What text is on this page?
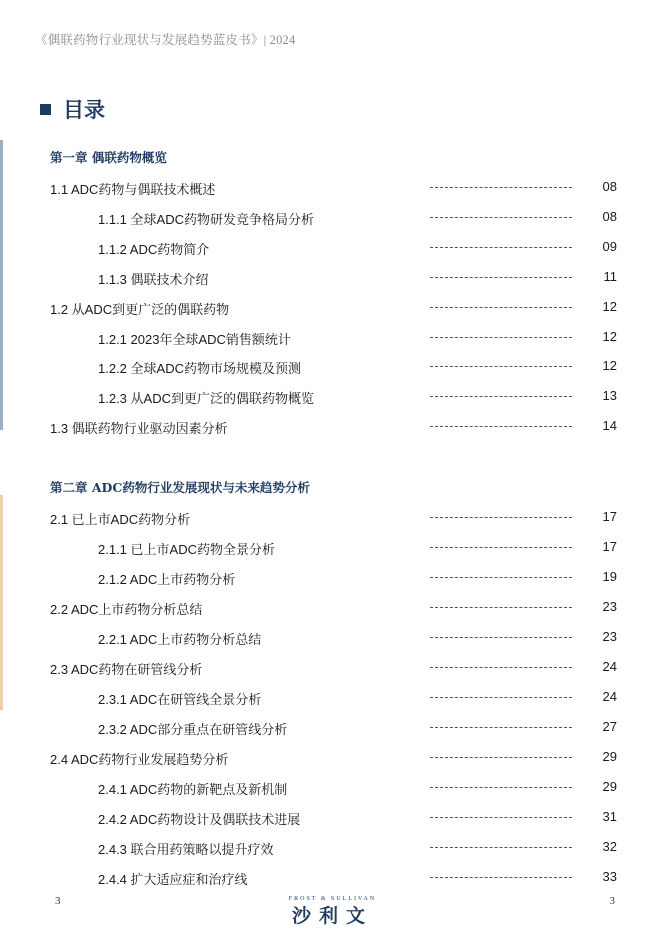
《偶联药物行业现状与发展趋势蓝皮书》| 2024
目录
第一章 偶联药物概览
1.1 ADC药物与偶联技术概述	08
1.1.1 全球ADC药物研发竞争格局分析	08
1.1.2 ADC药物简介	09
1.1.3 偶联技术介绍	11
1.2 从ADC到更广泛的偶联药物	12
1.2.1 2023年全球ADC销售额统计	12
1.2.2 全球ADC药物市场规模及预测	12
1.2.3 从ADC到更广泛的偶联药物概览	13
1.3 偶联药物行业驱动因素分析	14
第二章 ADC药物行业发展现状与未来趋势分析
2.1 已上市ADC药物分析	17
2.1.1 已上市ADC药物全景分析	17
2.1.2 ADC上市药物分析	19
2.2 ADC上市药物分析总结	23
2.2.1 ADC上市药物分析总结	23
2.3 ADC药物在研管线分析	24
2.3.1 ADC在研管线全景分析	24
2.3.2 ADC部分重点在研管线分析	27
2.4 ADC药物行业发展趋势分析	29
2.4.1 ADC药物的新靶点及新机制	29
2.4.2 ADC药物设计及偶联技术进展	31
2.4.3 联合用药策略以提升疗效	32
2.4.4 扩大适应症和治疗线	33
3	3
FROST & SULLIVAN
沙利文
